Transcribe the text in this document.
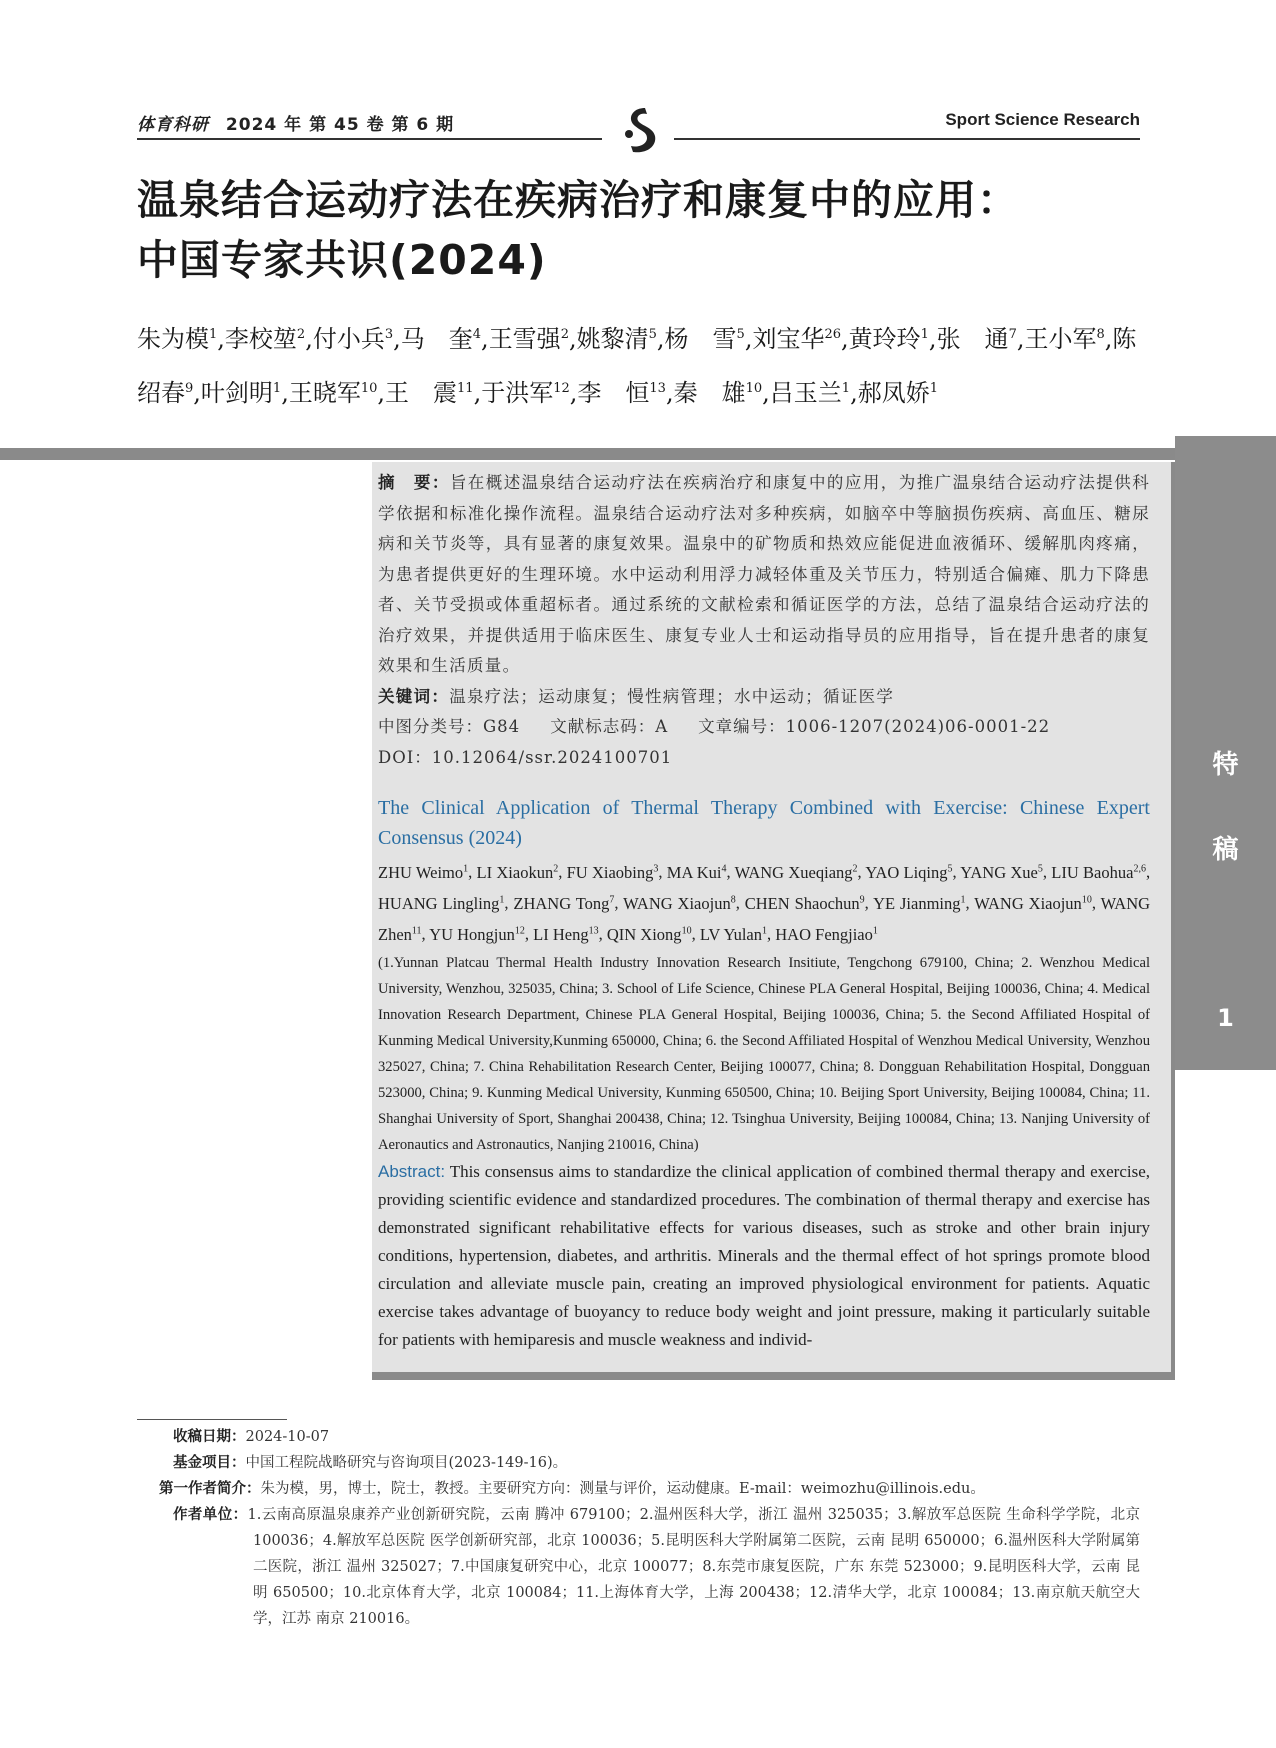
体育科研 2024 年 第 45 卷 第 6 期	Sport Science Research
温泉结合运动疗法在疾病治疗和康复中的应用：
中国专家共识(2024)
朱为模$^1$,李校堃$^2$,付小兵$^3$,马　奎$^4$,王雪强$^2$,姚黎清$^5$,杨　雪$^5$,刘宝华$^{26}$,黄玲玲$^1$,张　通$^7$,王小军$^8$,陈绍春$^9$,叶剑明$^1$,王晓军$^{10}$,王　震$^{11}$,于洪军$^{12}$,李　恒$^{13}$,秦　雄$^{10}$,吕玉兰$^1$,郝凤娇$^1$
特
稿
1
摘　要：旨在概述温泉结合运动疗法在疾病治疗和康复中的应用，为推广温泉结合运动疗法提供科学依据和标准化操作流程。温泉结合运动疗法对多种疾病，如脑卒中等脑损伤疾病、高血压、糖尿病和关节炎等，具有显著的康复效果。温泉中的矿物质和热效应能促进血液循环、缓解肌肉疼痛，为患者提供更好的生理环境。水中运动利用浮力减轻体重及关节压力，特别适合偏瘫、肌力下降患者、关节受损或体重超标者。通过系统的文献检索和循证医学的方法，总结了温泉结合运动疗法的治疗效果，并提供适用于临床医生、康复专业人士和运动指导员的应用指导，旨在提升患者的康复效果和生活质量。
关键词：温泉疗法；运动康复；慢性病管理；水中运动；循证医学
中图分类号：G84 文献标志码：A 文章编号：1006-1207(2024)06-0001-22
DOI：10.12064/ssr.2024100701
The Clinical Application of Thermal Therapy Combined with Exercise: Chinese Expert Consensus (2024)
ZHU Weimo$^1$, LI Xiaokun$^2$, FU Xiaobing$^3$, MA Kui$^4$, WANG Xueqiang$^2$, YAO Liqing$^5$, YANG Xue$^5$, LIU Baohua$^{2,6}$, HUANG Lingling$^1$, ZHANG Tong$^7$, WANG Xiaojun$^8$, CHEN Shaochun$^9$, YE Jianming$^1$, WANG Xiaojun$^{10}$, WANG Zhen$^{11}$, YU Hongjun$^{12}$, LI Heng$^{13}$, QIN Xiong$^{10}$, LV Yulan$^1$, HAO Fengjiao$^1$
(1.Yunnan Platcau Thermal Health Industry Innovation Research Insitiute, Tengchong 679100, China; 2. Wenzhou Medical University, Wenzhou, 325035, China; 3. School of Life Science, Chinese PLA General Hospital, Beijing 100036, China; 4. Medical Innovation Research Department, Chinese PLA General Hospital, Beijing 100036, China; 5. the Second Affiliated Hospital of Kunming Medical University,Kunming 650000, China; 6. the Second Affiliated Hospital of Wenzhou Medical University, Wenzhou 325027, China; 7. China Rehabilitation Research Center, Beijing 100077, China; 8. Dongguan Rehabilitation Hospital, Dongguan 523000, China; 9. Kunming Medical University, Kunming 650500, China; 10. Beijing Sport University, Beijing 100084, China; 11. Shanghai University of Sport, Shanghai 200438, China; 12. Tsinghua University, Beijing 100084, China; 13. Nanjing University of Aeronautics and Astronautics, Nanjing 210016, China)
Abstract: This consensus aims to standardize the clinical application of combined thermal therapy and exercise, providing scientific evidence and standardized procedures. The combination of thermal therapy and exercise has demonstrated significant rehabilitative effects for various diseases, such as stroke and other brain injury conditions, hypertension, diabetes, and arthritis. Minerals and the thermal effect of hot springs promote blood circulation and alleviate muscle pain, creating an improved physiological environment for patients. Aquatic exercise takes advantage of buoyancy to reduce body weight and joint pressure, making it particularly suitable for patients with hemiparesis and muscle weakness and individ-
收稿日期：2024-10-07
基金项目：中国工程院战略研究与咨询项目(2023-149-16)。
第一作者简介：朱为模，男，博士，院士，教授。主要研究方向：测量与评价，运动健康。E-mail：weimozhu@illinois.edu。
作者单位：1.云南高原温泉康养产业创新研究院，云南 腾冲 679100；2.温州医科大学，浙江 温州 325035；3.解放军总医院 生命科学学院，北京 100036；4.解放军总医院 医学创新研究部，北京 100036；5.昆明医科大学附属第二医院，云南 昆明 650000；6.温州医科大学附属第二医院，浙江 温州 325027；7.中国康复研究中心，北京 100077；8.东莞市康复医院，广东 东莞 523000；9.昆明医科大学，云南 昆明 650500；10.北京体育大学，北京 100084；11.上海体育大学，上海 200438；12.清华大学，北京 100084；13.南京航天航空大学，江苏 南京 210016。
